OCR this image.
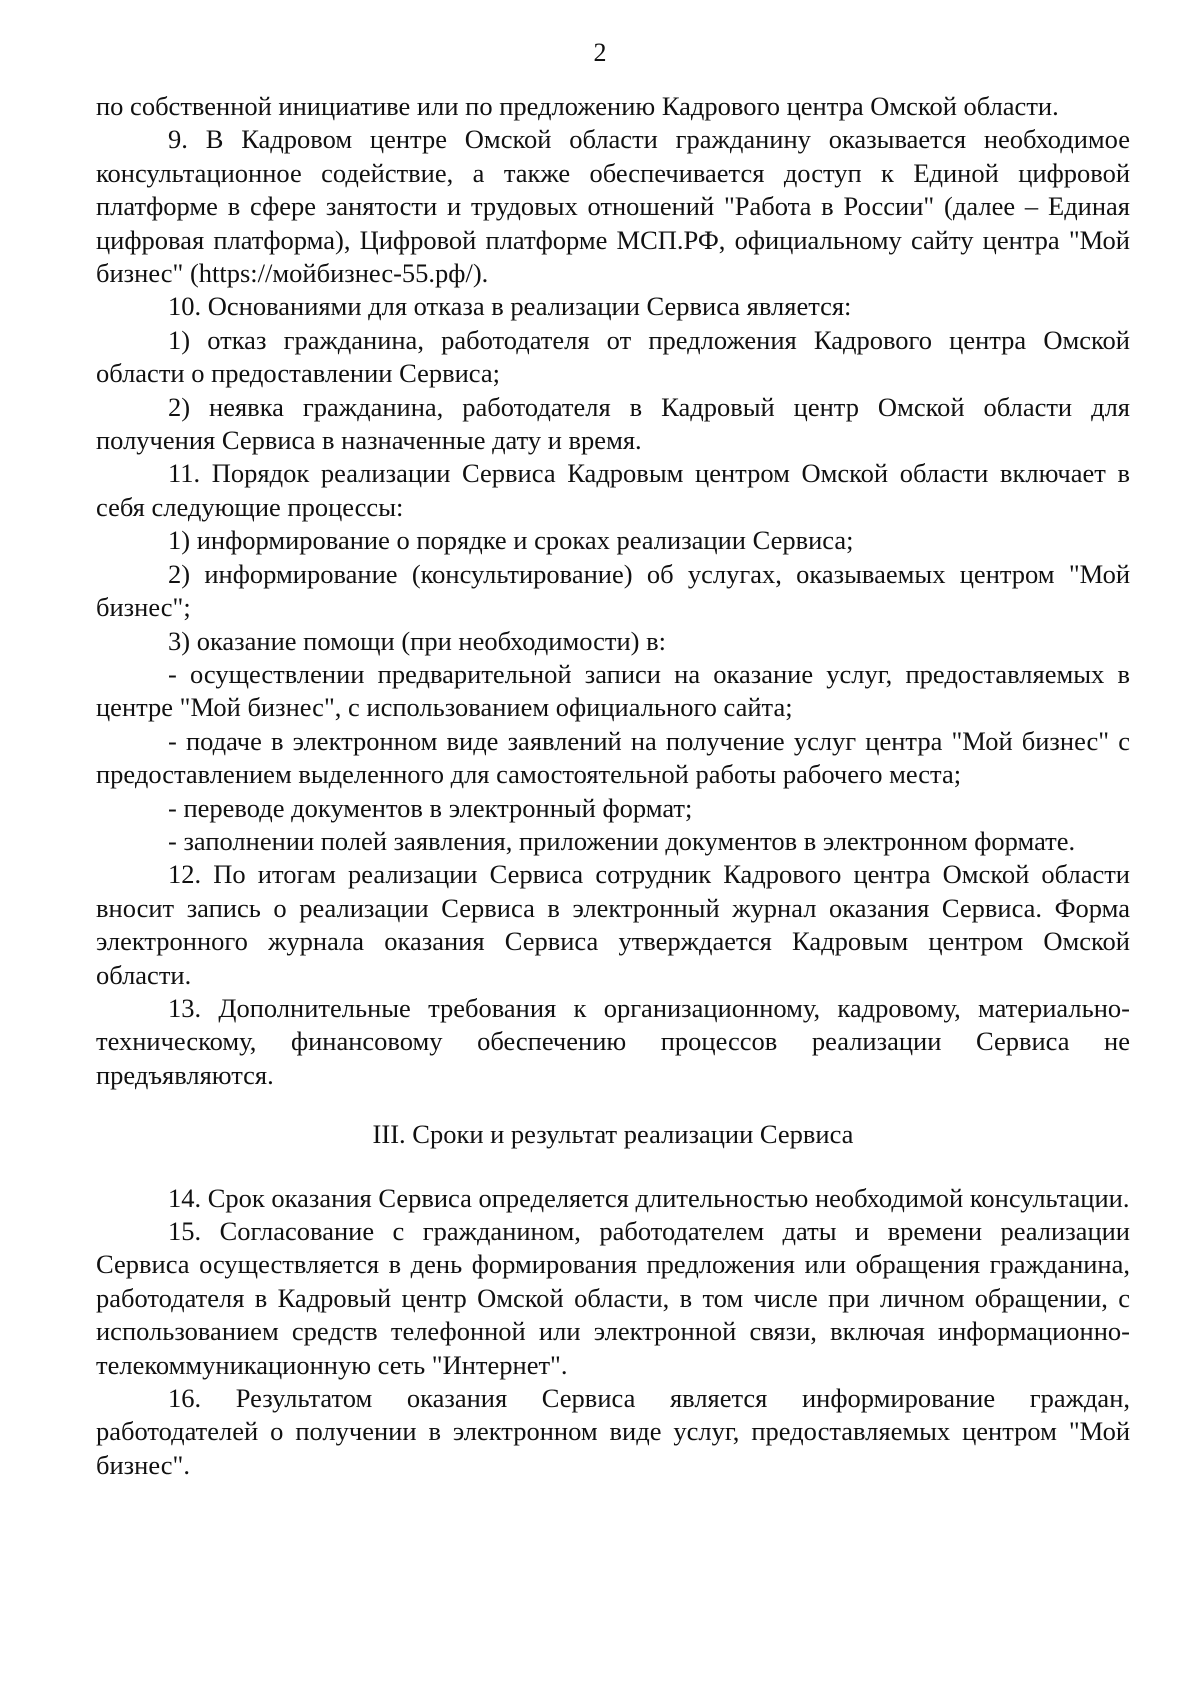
2

по собственной инициативе или по предложению Кадрового центра Омской области.

9. В Кадровом центре Омской области гражданину оказывается необходимое консультационное содействие, а также обеспечивается доступ к Единой цифровой платформе в сфере занятости и трудовых отношений "Работа в России" (далее – Единая цифровая платформа), Цифровой платформе МСП.РФ, официальному сайту центра "Мой бизнес" (https://мойбизнес-55.рф/).

10. Основаниями для отказа в реализации Сервиса является:

1) отказ гражданина, работодателя от предложения Кадрового центра Омской области о предоставлении Сервиса;

2) неявка гражданина, работодателя в Кадровый центр Омской области для получения Сервиса в назначенные дату и время.

11. Порядок реализации Сервиса Кадровым центром Омской области включает в себя следующие процессы:

1) информирование о порядке и сроках реализации Сервиса;

2) информирование (консультирование) об услугах, оказываемых центром "Мой бизнес";

3) оказание помощи (при необходимости) в:

- осуществлении предварительной записи на оказание услуг, предоставляемых в центре "Мой бизнес", с использованием официального сайта;

- подаче в электронном виде заявлений на получение услуг центра "Мой бизнес" с предоставлением выделенного для самостоятельной работы рабочего места;

- переводе документов в электронный формат;

- заполнении полей заявления, приложении документов в электронном формате.

12. По итогам реализации Сервиса сотрудник Кадрового центра Омской области вносит запись о реализации Сервиса в электронный журнал оказания Сервиса. Форма электронного журнала оказания Сервиса утверждается Кадровым центром Омской области.

13. Дополнительные требования к организационному, кадровому, материально-техническому, финансовому обеспечению процессов реализации Сервиса не предъявляются.

III. Сроки и результат реализации Сервиса

14. Срок оказания Сервиса определяется длительностью необходимой консультации.

15. Согласование с гражданином, работодателем даты и времени реализации Сервиса осуществляется в день формирования предложения или обращения гражданина, работодателя в Кадровый центр Омской области, в том числе при личном обращении, с использованием средств телефонной или электронной связи, включая информационно-телекоммуникационную сеть "Интернет".

16. Результатом оказания Сервиса является информирование граждан, работодателей о получении в электронном виде услуг, предоставляемых центром "Мой бизнес".
